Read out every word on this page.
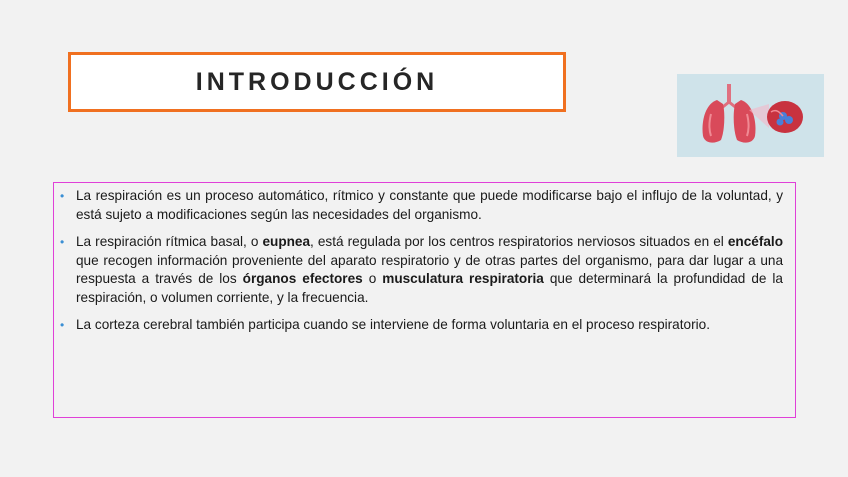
INTRODUCCIÓN
• La respiración es un proceso automático, rítmico y constante que puede modificarse bajo el influjo de la voluntad, y está sujeto a modificaciones según las necesidades del organismo.
• La respiración rítmica basal, o eupnea, está regulada por los centros respiratorios nerviosos situados en el encéfalo que recogen información proveniente del aparato respiratorio y de otras partes del organismo, para dar lugar a una respuesta a través de los órganos efectores o musculatura respiratoria que determinará la profundidad de la respiración, o volumen corriente, y la frecuencia.
• La corteza cerebral también participa cuando se interviene de forma voluntaria en el proceso respiratorio.
